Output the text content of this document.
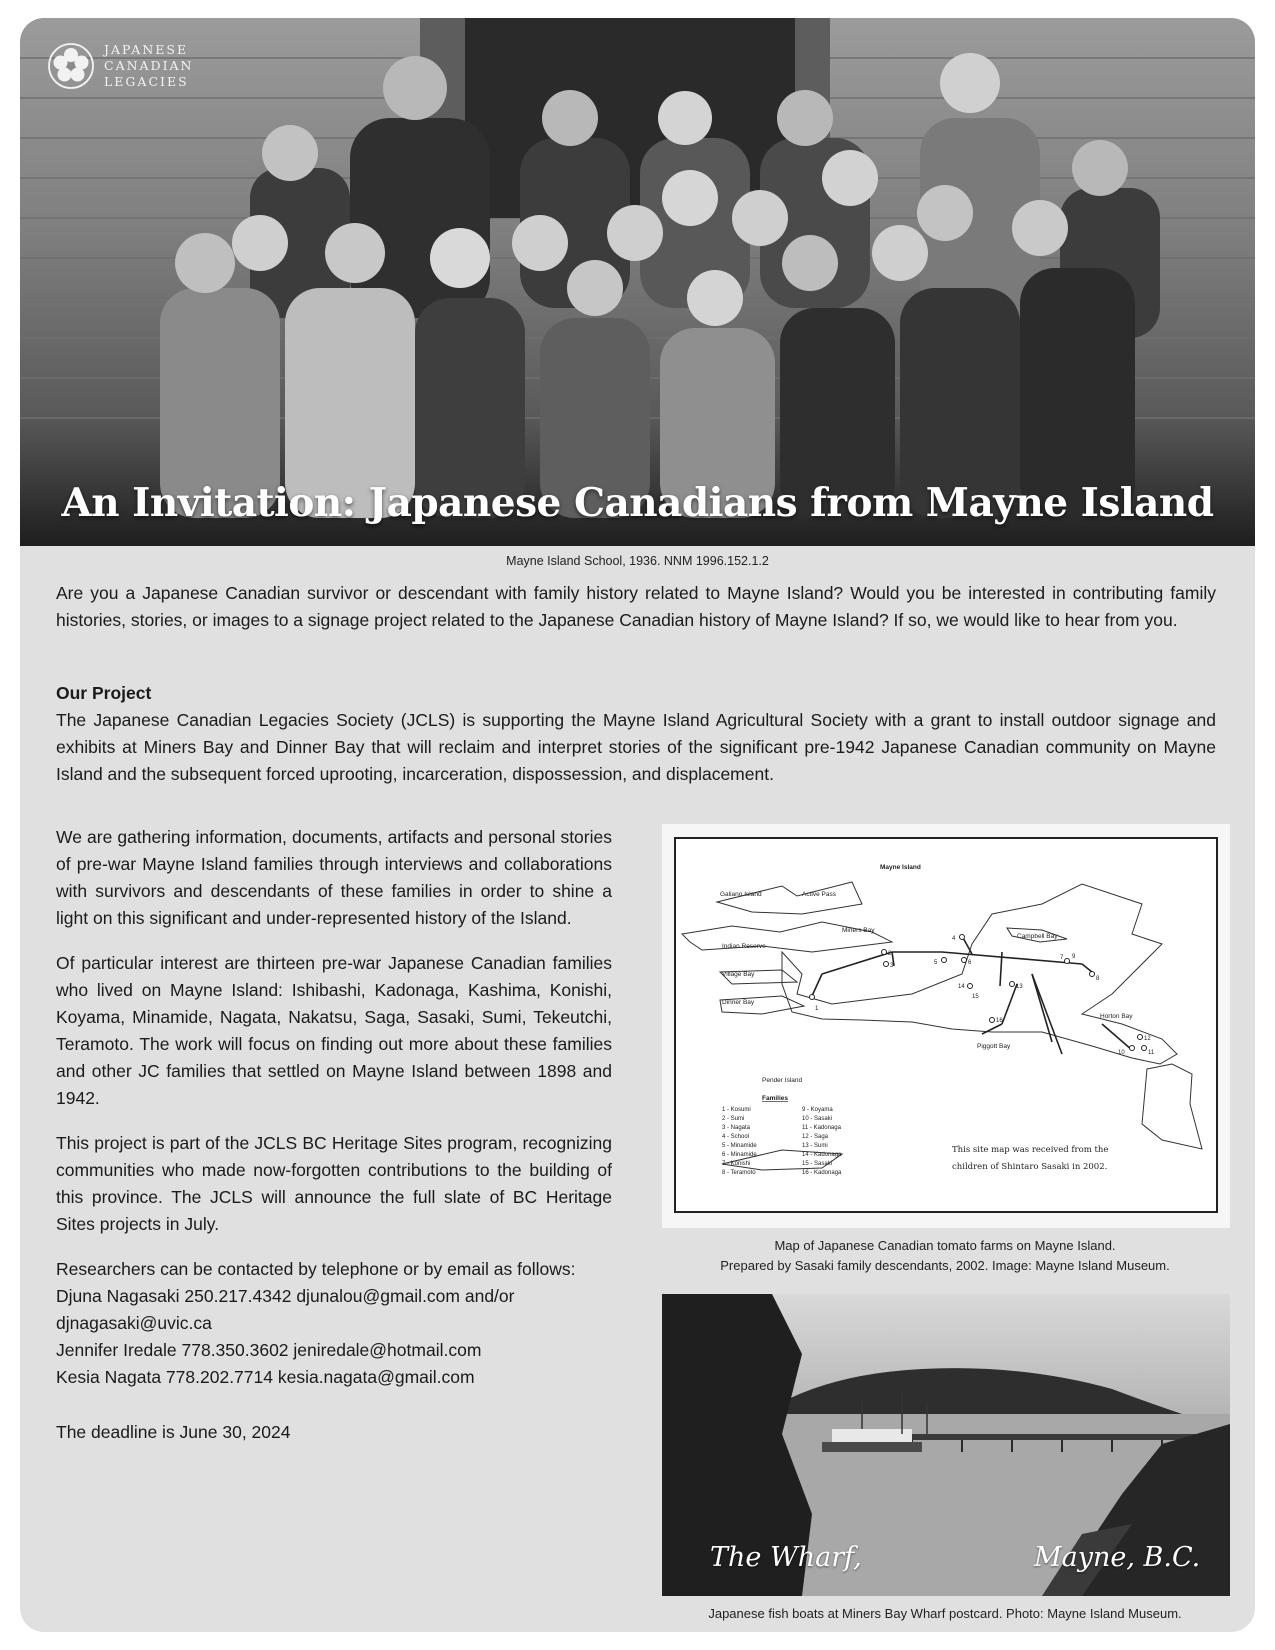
JAPANESE
CANADIAN
LEGACIES
An Invitation: Japanese Canadians from Mayne Island
Mayne Island School, 1936. NNM 1996.152.1.2
Are you a Japanese Canadian survivor or descendant with family history related to Mayne Island? Would you be interested in contributing family histories, stories, or images to a signage project related to the Japanese Canadian history of Mayne Island? If so, we would like to hear from you.
Our Project
The Japanese Canadian Legacies Society (JCLS) is supporting the Mayne Island Agricultural Society with a grant to install outdoor signage and exhibits at Miners Bay and Dinner Bay that will reclaim and interpret stories of the significant pre-1942 Japanese Canadian community on Mayne Island and the subsequent forced uprooting, incarceration, dispossession, and displacement.

We are gathering information, documents, artifacts and personal stories of pre-war Mayne Island families through interviews and collaborations with survivors and descendants of these families in order to shine a light on this significant and under-represented history of the Island.

Of particular interest are thirteen pre-war Japanese Canadian families who lived on Mayne Island: Ishibashi, Kadonaga, Kashima, Konishi, Koyama, Minamide, Nagata, Nakatsu, Saga, Sasaki, Sumi, Tekeutchi, Teramoto. The work will focus on finding out more about these families and other JC families that settled on Mayne Island between 1898 and 1942.

This project is part of the JCLS BC Heritage Sites program, recognizing communities who made now-forgotten contributions to the building of this province. The JCLS will announce the full slate of BC Heritage Sites projects in July.

Researchers can be contacted by telephone or by email as follows:

Djuna Nagasaki 250.217.4342 djunalou@gmail.com and/or djnagasaki@uvic.ca

Jennifer Iredale 778.350.3602 jeniredale@hotmail.com

Kesia Nagata 778.202.7714 kesia.nagata@gmail.com

The deadline is June 30, 2024

Mayne Island
Galiano Island	Active Pass
Miners Bay
Campbell Bay
Indian Reserve
Village Bay
Dinner Bay
Horton Bay
Piggott Bay
Pender Island
1
2
3
4
5	6
7
8
9
10	11
12
13
14
15
16
Families
1 - Kosumi
2 - Sumi
3 - Nagata
4 - School
5 - Minamide
6 - Minamide
7 - Konishi
8 - Teramoto
9 - Koyama
10 - Sasaki
11 - Kadonaga
12 - Saga
13 - Sumi
14 - Kadonaga
15 - Sasaki
16 - Kadonaga
This site map was received from the
children of Shintaro Sasaki in 2002.
Map of Japanese Canadian tomato farms on Mayne Island.
Prepared by Sasaki family descendants, 2002. Image: Mayne Island Museum.
The Wharf,	Mayne, B.C.
Japanese fish boats at Miners Bay Wharf postcard. Photo: Mayne Island Museum.
